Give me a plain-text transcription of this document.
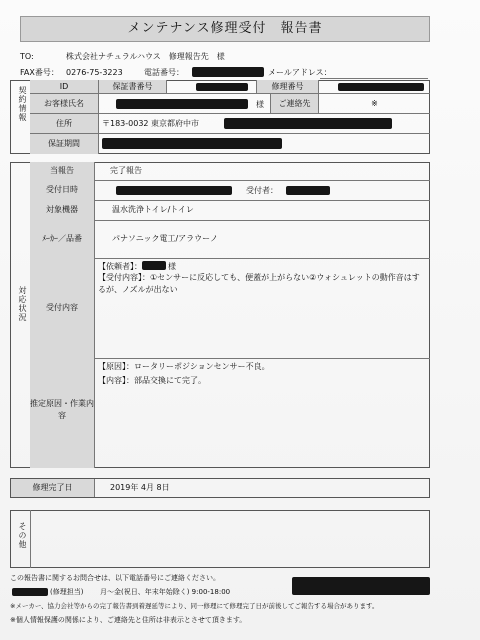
メンテナンス修理受付　報告書
TO:	株式会社ナチュラルハウス　修理報告先　様
FAX番号： 0276-75-3223	電話番号：	メールアドレス：
契約情報	ID	保証書番号	修理番号
お客様氏名	様	ご連絡先	※
住所	〒183-0032 東京都府中市
保証期間
対応状況
当報告	完了報告
受付日時	受付者：
対象機器	温水洗浄トイレ/トイレ
ﾒｰｶｰ／品番	パナソニック電工/アラウーノ
受付内容
【依頼者】：	様
【受付内容】：①センサーに反応しても、便蓋が上がらない②ウォシュレットの動作音はするが、ノズルが出ない
推定原因・作業内容
【原因】：ロータリーポジションセンサー不良。
【内容】：部品交換にて完了。
修理完了日	2019年 4月 8日
その他
この報告書に関するお問合せは、以下電話番号にご連絡ください。
(修理担当) 月〜金(祝日、年末年始除く) 9:00-18:00
※メーカー、協力会社等からの完了報告書到着遅延等により、同一修理にて修理完了日が前後してご報告する場合があります。
※個人情報保護の関係により、ご連絡先と住所は非表示とさせて頂きます。
